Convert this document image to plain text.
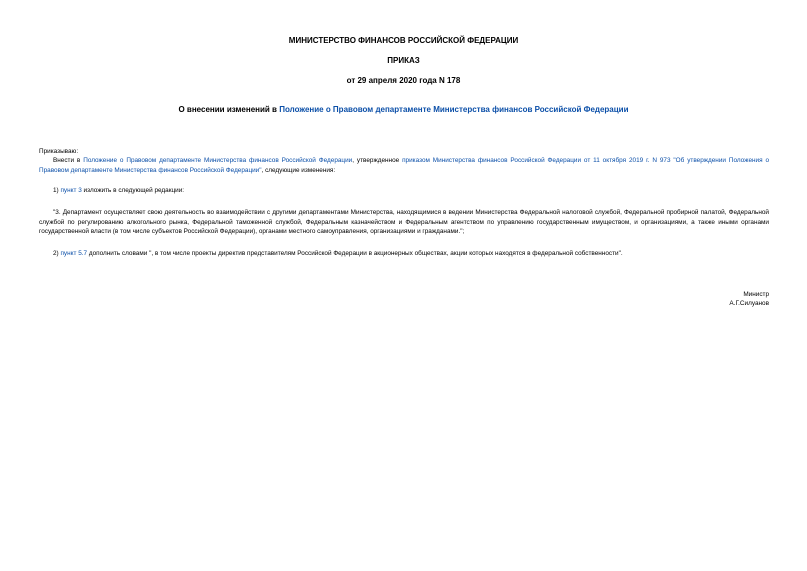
МИНИСТЕРСТВО ФИНАНСОВ РОССИЙСКОЙ ФЕДЕРАЦИИ
ПРИКАЗ
от 29 апреля 2020 года N 178
О внесении изменений в Положение о Правовом департаменте Министерства финансов Российской Федерации
Приказываю:
Внести в Положение о Правовом департаменте Министерства финансов Российской Федерации, утвержденное приказом Министерства финансов Российской Федерации от 11 октября 2019 г. N 973 "Об утверждении Положения о Правовом департаменте Министерства финансов Российской Федерации", следующие изменения:
1) пункт 3 изложить в следующей редакции:
"3. Департамент осуществляет свою деятельность во взаимодействии с другими департаментами Министерства, находящимися в ведении Министерства Федеральной налоговой службой, Федеральной пробирной палатой, Федеральной службой по регулированию алкогольного рынка, Федеральной таможенной службой, Федеральным казначейством и Федеральным агентством по управлению государственным имуществом, и организациями, а также иными органами государственной власти (в том числе субъектов Российской Федерации), органами местного самоуправления, организациями и гражданами.";
2) пункт 5.7 дополнить словами ", в том числе проекты директив представителям Российской Федерации в акционерных обществах, акции которых находятся в федеральной собственности".
Министр
А.Г.Силуанов
